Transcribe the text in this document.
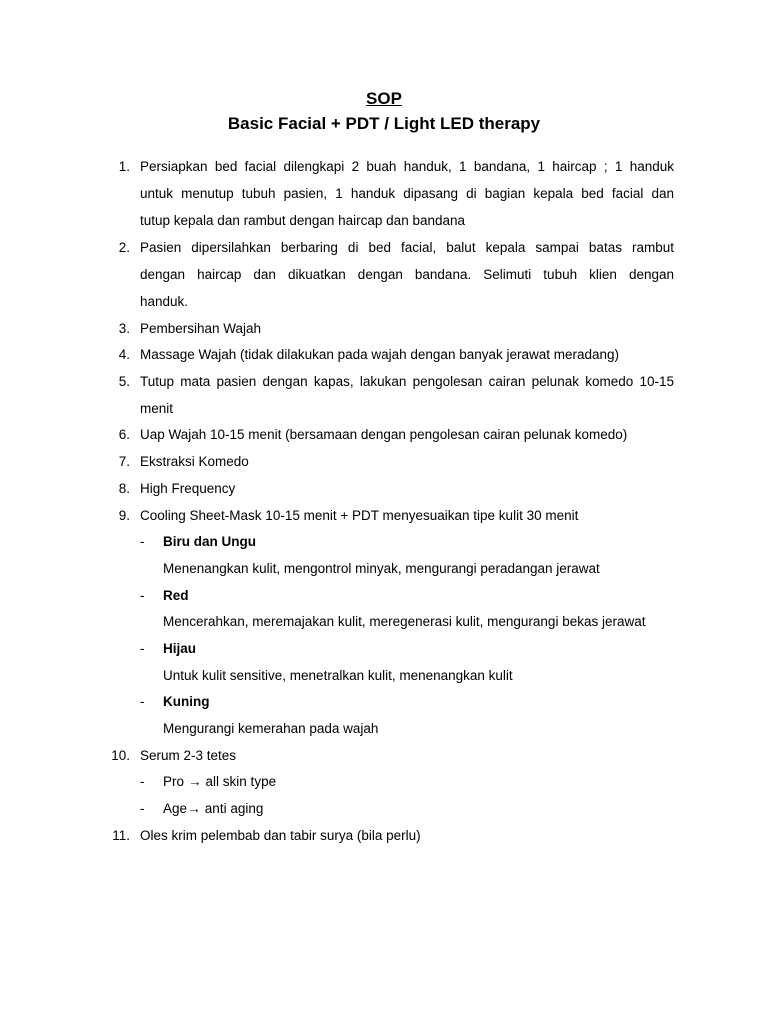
SOP
Basic Facial + PDT / Light LED therapy
1. Persiapkan bed facial dilengkapi 2 buah handuk, 1 bandana, 1 haircap ; 1 handuk
untuk menutup tubuh pasien, 1 handuk dipasang di bagian kepala bed facial dan
tutup kepala dan rambut dengan haircap dan bandana
2. Pasien dipersilahkan berbaring di bed facial, balut kepala sampai batas rambut
dengan haircap dan dikuatkan dengan bandana. Selimuti tubuh klien dengan
handuk.
3. Pembersihan Wajah
4. Massage Wajah (tidak dilakukan pada wajah dengan banyak jerawat meradang)
5. Tutup mata pasien dengan kapas, lakukan pengolesan cairan pelunak komedo 10-15
menit
6. Uap Wajah 10-15 menit (bersamaan dengan pengolesan cairan pelunak komedo)
7. Ekstraksi Komedo
8. High Frequency
9. Cooling Sheet-Mask 10-15 menit + PDT menyesuaikan tipe kulit 30 menit
- Biru dan Ungu
Menenangkan kulit, mengontrol minyak, mengurangi peradangan jerawat
- Red
Mencerahkan, meremajakan kulit, meregenerasi kulit, mengurangi bekas jerawat
- Hijau
Untuk kulit sensitive, menetralkan kulit, menenangkan kulit
- Kuning
Mengurangi kemerahan pada wajah
10. Serum 2-3 tetes
- Pro → all skin type
- Age→ anti aging
11. Oles krim pelembab dan tabir surya (bila perlu)
